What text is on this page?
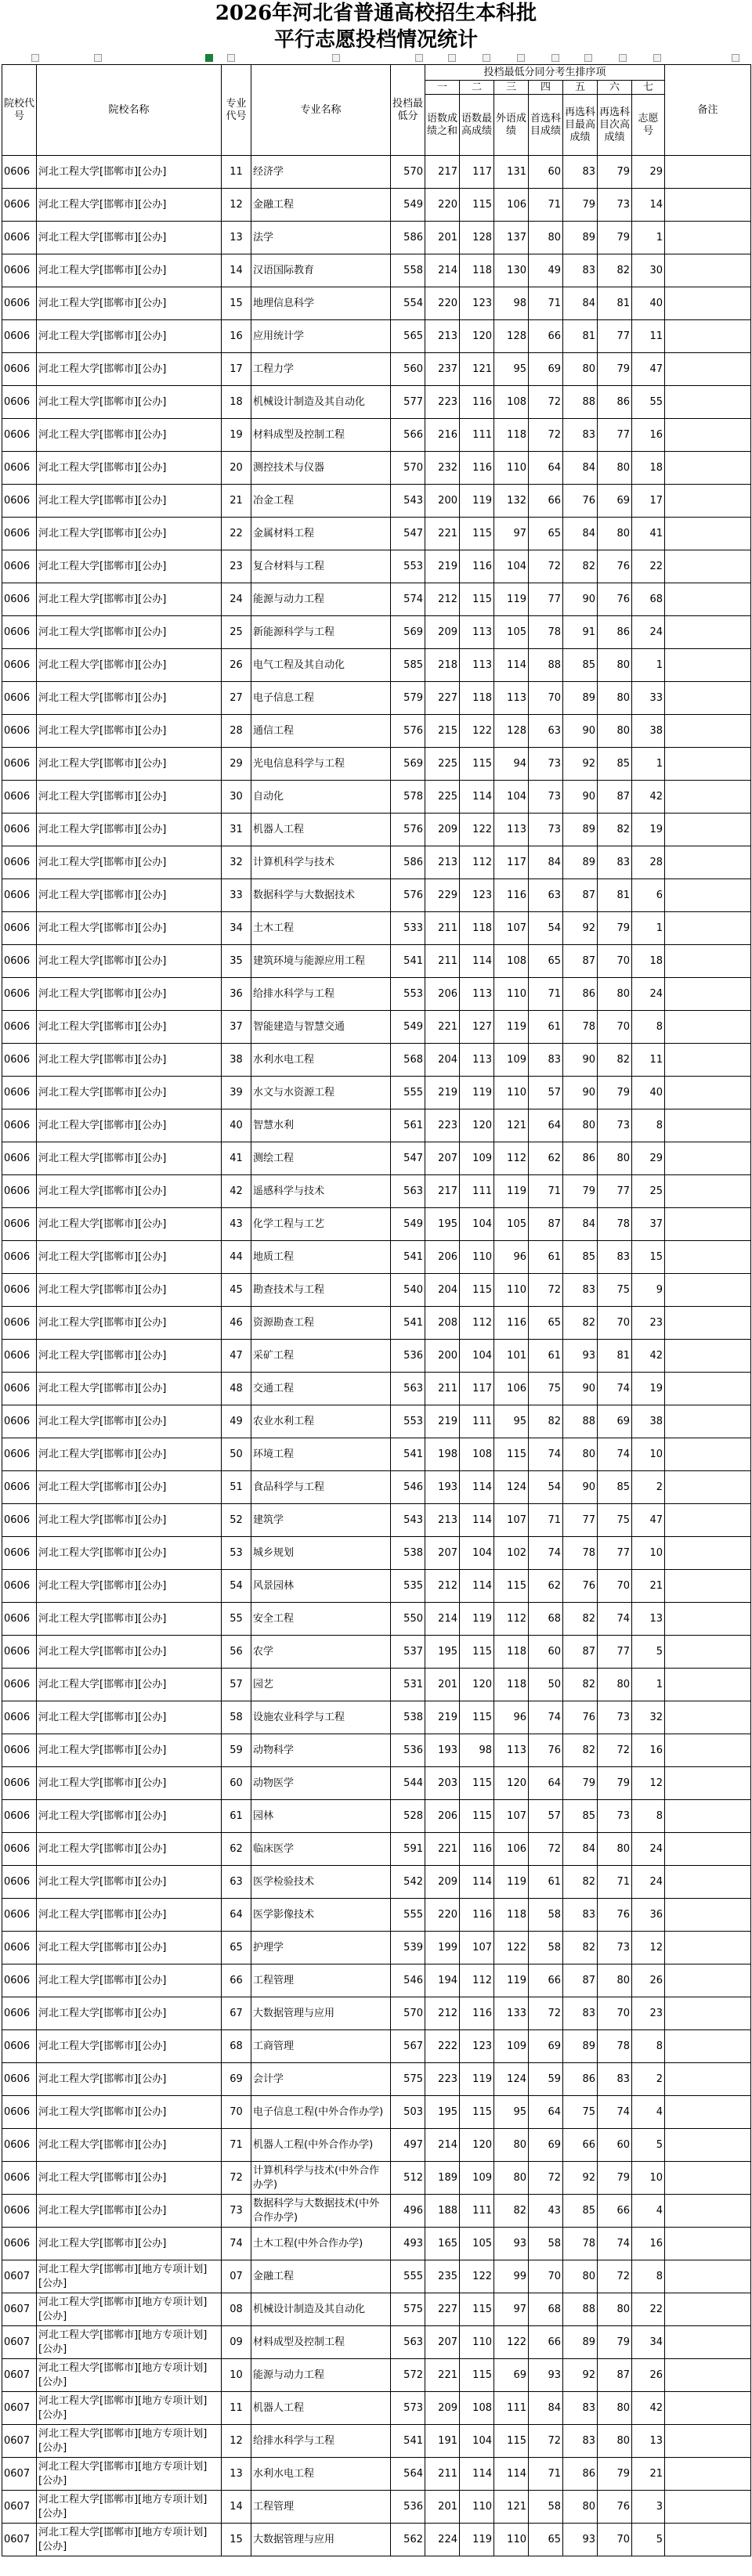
2026年河北省普通高校招生本科批
平行志愿投档情况统计
院校代号	院校名称	专业代号	专业名称	投档最低分	投档最低分同分考生排序项							备注
					一	二	三	四	五	六	七	
					语数成绩之和	语数最高成绩	外语成绩	首选科目成绩	再选科目最高成绩	再选科目次高成绩	志愿号	
0606	河北工程大学[邯郸市][公办]	11	经济学	570	217	117	131	60	83	79	29	
0606	河北工程大学[邯郸市][公办]	12	金融工程	549	220	115	106	71	79	73	14	
0606	河北工程大学[邯郸市][公办]	13	法学	586	201	128	137	80	89	79	1	
0606	河北工程大学[邯郸市][公办]	14	汉语国际教育	558	214	118	130	49	83	82	30	
0606	河北工程大学[邯郸市][公办]	15	地理信息科学	554	220	123	98	71	84	81	40	
0606	河北工程大学[邯郸市][公办]	16	应用统计学	565	213	120	128	66	81	77	11	
0606	河北工程大学[邯郸市][公办]	17	工程力学	560	237	121	95	69	80	79	47	
0606	河北工程大学[邯郸市][公办]	18	机械设计制造及其自动化	577	223	116	108	72	88	86	55	
0606	河北工程大学[邯郸市][公办]	19	材料成型及控制工程	566	216	111	118	72	83	77	16	
0606	河北工程大学[邯郸市][公办]	20	测控技术与仪器	570	232	116	110	64	84	80	18	
0606	河北工程大学[邯郸市][公办]	21	冶金工程	543	200	119	132	66	76	69	17	
0606	河北工程大学[邯郸市][公办]	22	金属材料工程	547	221	115	97	65	84	80	41	
0606	河北工程大学[邯郸市][公办]	23	复合材料与工程	553	219	116	104	72	82	76	22	
0606	河北工程大学[邯郸市][公办]	24	能源与动力工程	574	212	115	119	77	90	76	68	
0606	河北工程大学[邯郸市][公办]	25	新能源科学与工程	569	209	113	105	78	91	86	24	
0606	河北工程大学[邯郸市][公办]	26	电气工程及其自动化	585	218	113	114	88	85	80	1	
0606	河北工程大学[邯郸市][公办]	27	电子信息工程	579	227	118	113	70	89	80	33	
0606	河北工程大学[邯郸市][公办]	28	通信工程	576	215	122	128	63	90	80	38	
0606	河北工程大学[邯郸市][公办]	29	光电信息科学与工程	569	225	115	94	73	92	85	1	
0606	河北工程大学[邯郸市][公办]	30	自动化	578	225	114	104	73	90	87	42	
0606	河北工程大学[邯郸市][公办]	31	机器人工程	576	209	122	113	73	89	82	19	
0606	河北工程大学[邯郸市][公办]	32	计算机科学与技术	586	213	112	117	84	89	83	28	
0606	河北工程大学[邯郸市][公办]	33	数据科学与大数据技术	576	229	123	116	63	87	81	6	
0606	河北工程大学[邯郸市][公办]	34	土木工程	533	211	118	107	54	92	79	1	
0606	河北工程大学[邯郸市][公办]	35	建筑环境与能源应用工程	541	211	114	108	65	87	70	18	
0606	河北工程大学[邯郸市][公办]	36	给排水科学与工程	553	206	113	110	71	86	80	24	
0606	河北工程大学[邯郸市][公办]	37	智能建造与智慧交通	549	221	127	119	61	78	70	8	
0606	河北工程大学[邯郸市][公办]	38	水利水电工程	568	204	113	109	83	90	82	11	
0606	河北工程大学[邯郸市][公办]	39	水文与水资源工程	555	219	119	110	57	90	79	40	
0606	河北工程大学[邯郸市][公办]	40	智慧水利	561	223	120	121	64	80	73	8	
0606	河北工程大学[邯郸市][公办]	41	测绘工程	547	207	109	112	62	86	80	29	
0606	河北工程大学[邯郸市][公办]	42	遥感科学与技术	563	217	111	119	71	79	77	25	
0606	河北工程大学[邯郸市][公办]	43	化学工程与工艺	549	195	104	105	87	84	78	37	
0606	河北工程大学[邯郸市][公办]	44	地质工程	541	206	110	96	61	85	83	15	
0606	河北工程大学[邯郸市][公办]	45	勘查技术与工程	540	204	115	110	72	83	75	9	
0606	河北工程大学[邯郸市][公办]	46	资源勘查工程	541	208	112	116	65	82	70	23	
0606	河北工程大学[邯郸市][公办]	47	采矿工程	536	200	104	101	61	93	81	42	
0606	河北工程大学[邯郸市][公办]	48	交通工程	563	211	117	106	75	90	74	19	
0606	河北工程大学[邯郸市][公办]	49	农业水利工程	553	219	111	95	82	88	69	38	
0606	河北工程大学[邯郸市][公办]	50	环境工程	541	198	108	115	74	80	74	10	
0606	河北工程大学[邯郸市][公办]	51	食品科学与工程	546	193	114	124	54	90	85	2	
0606	河北工程大学[邯郸市][公办]	52	建筑学	543	213	114	107	71	77	75	47	
0606	河北工程大学[邯郸市][公办]	53	城乡规划	538	207	104	102	74	78	77	10	
0606	河北工程大学[邯郸市][公办]	54	风景园林	535	212	114	115	62	76	70	21	
0606	河北工程大学[邯郸市][公办]	55	安全工程	550	214	119	112	68	82	74	13	
0606	河北工程大学[邯郸市][公办]	56	农学	537	195	115	118	60	87	77	5	
0606	河北工程大学[邯郸市][公办]	57	园艺	531	201	120	118	50	82	80	1	
0606	河北工程大学[邯郸市][公办]	58	设施农业科学与工程	538	219	115	96	74	76	73	32	
0606	河北工程大学[邯郸市][公办]	59	动物科学	536	193	98	113	76	82	72	16	
0606	河北工程大学[邯郸市][公办]	60	动物医学	544	203	115	120	64	79	79	12	
0606	河北工程大学[邯郸市][公办]	61	园林	528	206	115	107	57	85	73	8	
0606	河北工程大学[邯郸市][公办]	62	临床医学	591	221	116	106	72	84	80	24	
0606	河北工程大学[邯郸市][公办]	63	医学检验技术	542	209	114	119	61	82	71	24	
0606	河北工程大学[邯郸市][公办]	64	医学影像技术	555	220	116	118	58	83	76	36	
0606	河北工程大学[邯郸市][公办]	65	护理学	539	199	107	122	58	82	73	12	
0606	河北工程大学[邯郸市][公办]	66	工程管理	546	194	112	119	66	87	80	26	
0606	河北工程大学[邯郸市][公办]	67	大数据管理与应用	570	212	116	133	72	83	70	23	
0606	河北工程大学[邯郸市][公办]	68	工商管理	567	222	123	109	69	89	78	8	
0606	河北工程大学[邯郸市][公办]	69	会计学	575	223	119	124	59	86	83	2	
0606	河北工程大学[邯郸市][公办]	70	电子信息工程(中外合作办学)	503	195	115	95	64	75	74	4	
0606	河北工程大学[邯郸市][公办]	71	机器人工程(中外合作办学)	497	214	120	80	69	66	60	5	
0606	河北工程大学[邯郸市][公办]	72	计算机科学与技术(中外合作办学)	512	189	109	80	72	92	79	10	
0606	河北工程大学[邯郸市][公办]	73	数据科学与大数据技术(中外合作办学)	496	188	111	82	43	85	66	4	
0606	河北工程大学[邯郸市][公办]	74	土木工程(中外合作办学)	493	165	105	93	58	78	74	16	
0607	河北工程大学[邯郸市][地方专项计划][公办]	07	金融工程	555	235	122	99	70	80	72	8	
0607	河北工程大学[邯郸市][地方专项计划][公办]	08	机械设计制造及其自动化	575	227	115	97	68	88	80	22	
0607	河北工程大学[邯郸市][地方专项计划][公办]	09	材料成型及控制工程	563	207	110	122	66	89	79	34	
0607	河北工程大学[邯郸市][地方专项计划][公办]	10	能源与动力工程	572	221	115	69	93	92	87	26	
0607	河北工程大学[邯郸市][地方专项计划][公办]	11	机器人工程	573	209	108	111	84	83	80	42	
0607	河北工程大学[邯郸市][地方专项计划][公办]	12	给排水科学与工程	541	191	104	115	72	83	80	13	
0607	河北工程大学[邯郸市][地方专项计划][公办]	13	水利水电工程	564	211	114	114	71	86	79	21	
0607	河北工程大学[邯郸市][地方专项计划][公办]	14	工程管理	536	201	110	121	58	80	76	3	
0607	河北工程大学[邯郸市][地方专项计划][公办]	15	大数据管理与应用	562	224	119	110	65	93	70	5	
